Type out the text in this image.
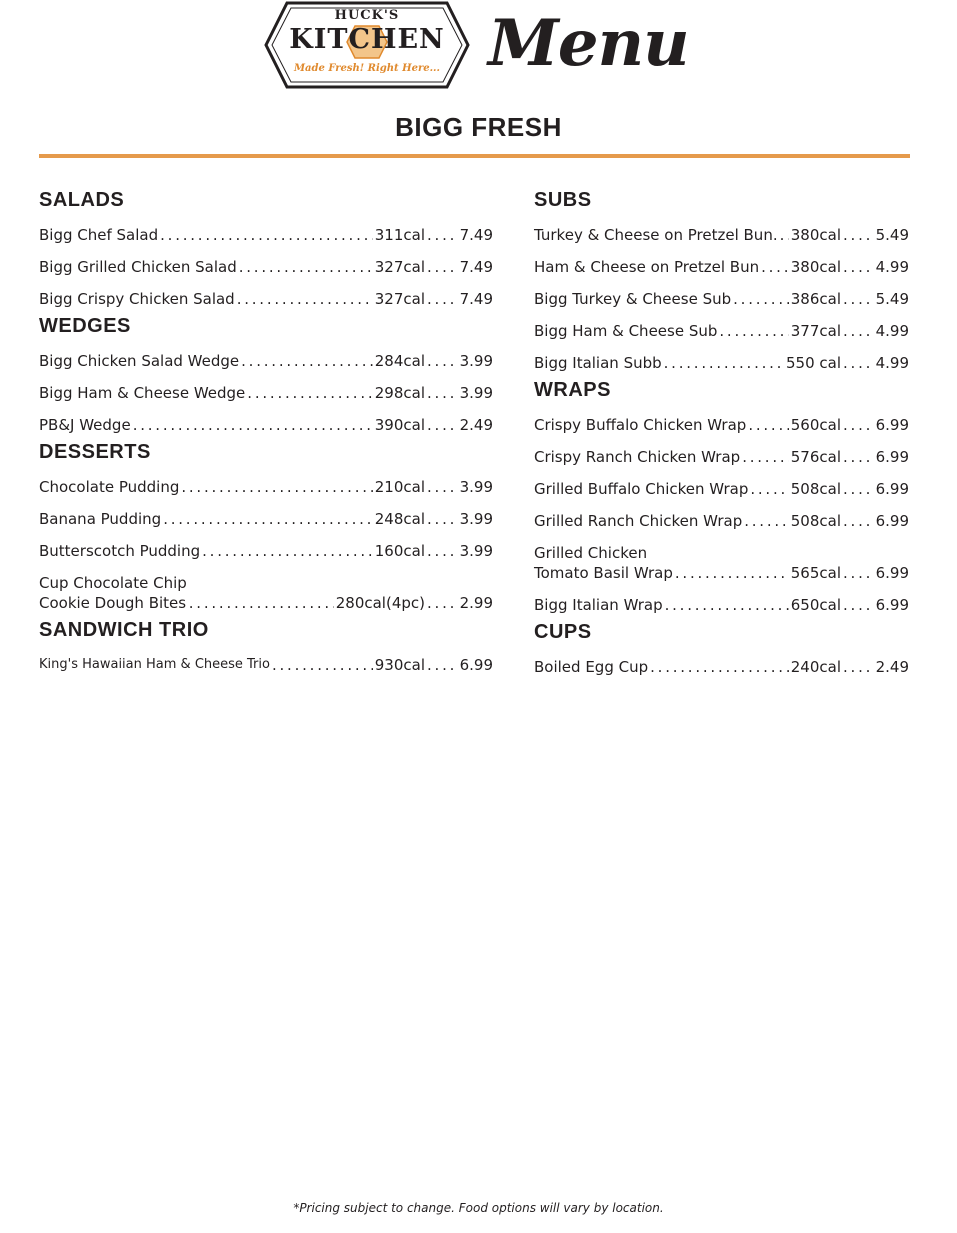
HUCK'S
KITCHEN
Made Fresh! Right Here... Menu
BIGG FRESH
SALADS
Bigg Chef Salad . . .	311cal . . . 7.49
Bigg Grilled Chicken Salad . . .	327cal . . . 7.49
Bigg Crispy Chicken Salad . . .	327cal . . . 7.49
WEDGES
Bigg Chicken Salad Wedge . . .	284cal . . . 3.99
Bigg Ham & Cheese Wedge . . .	298cal . . . 3.99
PB&J Wedge . . .	390cal . . . 2.49
DESSERTS
Chocolate Pudding . . .	210cal . . . 3.99
Banana Pudding . . .	248cal . . . 3.99
Butterscotch Pudding . . .	160cal . . . 3.99
Cup Chocolate Chip
Cookie Dough Bites . . .	280cal(4pc) . . . 2.99
SANDWICH TRIO
King's Hawaiian Ham & Cheese Trio . . .	930cal . . . 6.99
SUBS
Turkey & Cheese on Pretzel Bun. . . . 380cal . . . 5.49
Ham & Cheese on Pretzel Bun . . . 380cal . . . 4.99
Bigg Turkey & Cheese Sub . . .	386cal . . . 5.49
Bigg Ham & Cheese Sub . . .	377cal . . . 4.99
Bigg Italian Subb . . .	550 cal . . . 4.99
WRAPS
Crispy Buffalo Chicken Wrap . . .	560cal . . . 6.99
Crispy Ranch Chicken Wrap . . .	576cal . . . 6.99
Grilled Buffalo Chicken Wrap . . .	508cal . . . 6.99
Grilled Ranch Chicken Wrap . . .	508cal . . . 6.99
Grilled Chicken
Tomato Basil Wrap . . .	565cal . . . 6.99
Bigg Italian Wrap . . .	650cal . . . 6.99
CUPS
Boiled Egg Cup . . .	240cal . . . 2.49
*Pricing subject to change. Food options will vary by location.
